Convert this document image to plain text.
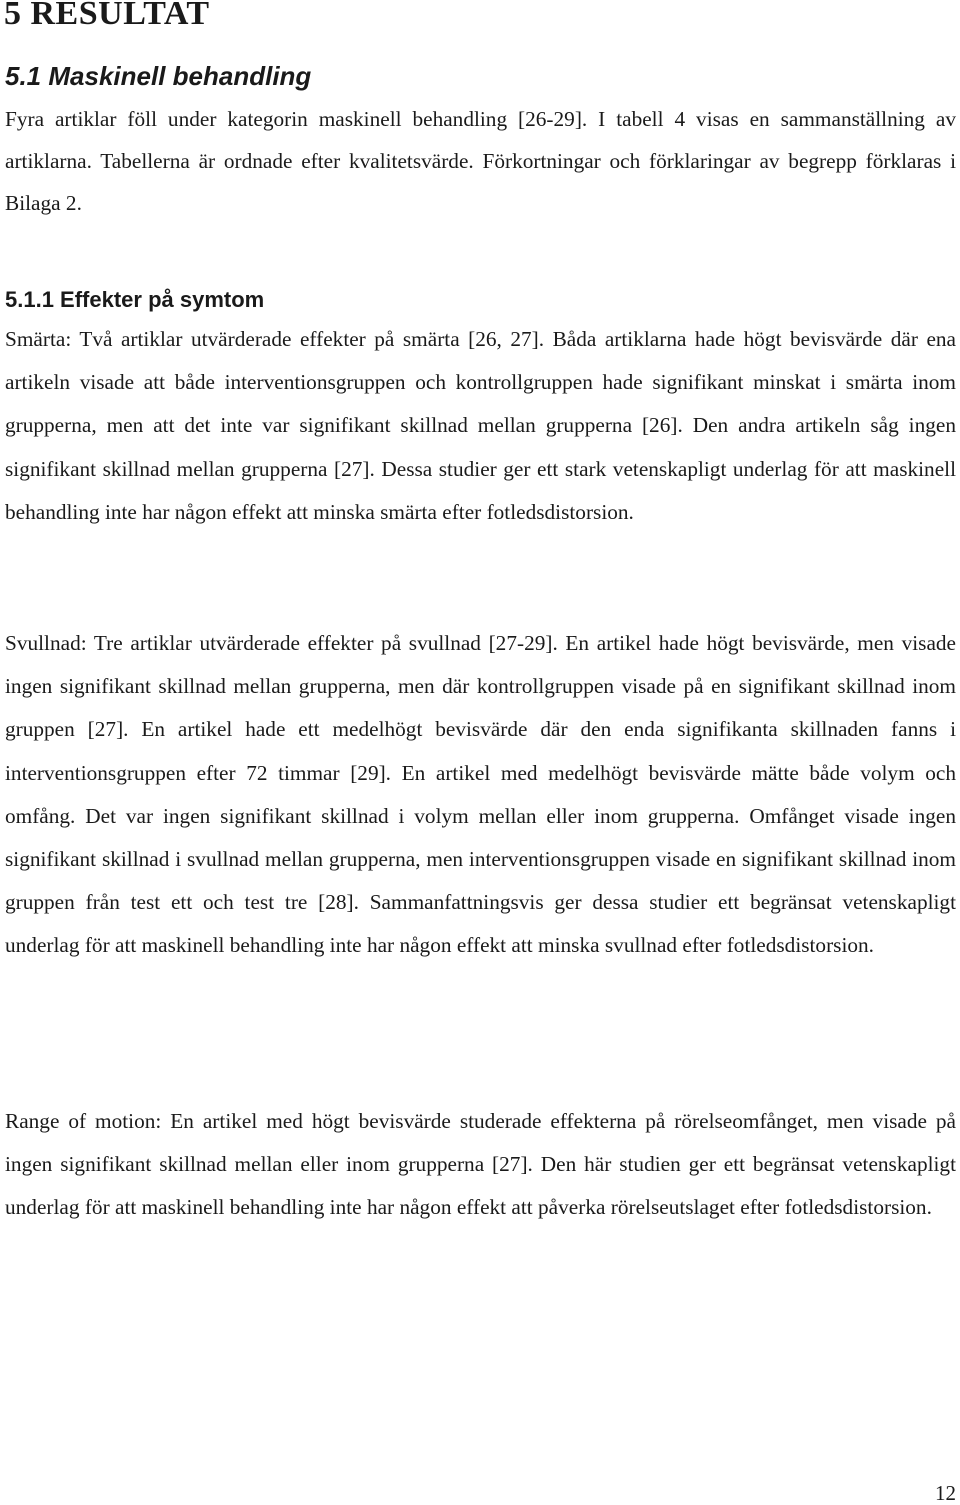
5 RESULTAT
5.1 Maskinell behandling

Fyra artiklar föll under kategorin maskinell behandling [26-29]. I tabell 4 visas en sammanställning av artiklarna. Tabellerna är ordnade efter kvalitetsvärde. Förkortningar och förklaringar av begrepp förklaras i Bilaga 2.

5.1.1 Effekter på symtom

Smärta: Två artiklar utvärderade effekter på smärta [26, 27]. Båda artiklarna hade högt bevisvärde där ena artikeln visade att både interventionsgruppen och kontrollgruppen hade signifikant minskat i smärta inom grupperna, men att det inte var signifikant skillnad mellan grupperna [26]. Den andra artikeln såg ingen signifikant skillnad mellan grupperna [27]. Dessa studier ger ett stark vetenskapligt underlag för att maskinell behandling inte har någon effekt att minska smärta efter fotledsdistorsion.

Svullnad: Tre artiklar utvärderade effekter på svullnad [27-29]. En artikel hade högt bevisvärde, men visade ingen signifikant skillnad mellan grupperna, men där kontrollgruppen visade på en signifikant skillnad inom gruppen [27]. En artikel hade ett medelhögt bevisvärde där den enda signifikanta skillnaden fanns i interventionsgruppen efter 72 timmar [29]. En artikel med medelhögt bevisvärde mätte både volym och omfång. Det var ingen signifikant skillnad i volym mellan eller inom grupperna. Omfånget visade ingen signifikant skillnad i svullnad mellan grupperna, men interventionsgruppen visade en signifikant skillnad inom gruppen från test ett och test tre [28]. Sammanfattningsvis ger dessa studier ett begränsat vetenskapligt underlag för att maskinell behandling inte har någon effekt att minska svullnad efter fotledsdistorsion.

Range of motion: En artikel med högt bevisvärde studerade effekterna på rörelseomfånget, men visade på ingen signifikant skillnad mellan eller inom grupperna [27]. Den här studien ger ett begränsat vetenskapligt underlag för att maskinell behandling inte har någon effekt att påverka rörelseutslaget efter fotledsdistorsion.

12
